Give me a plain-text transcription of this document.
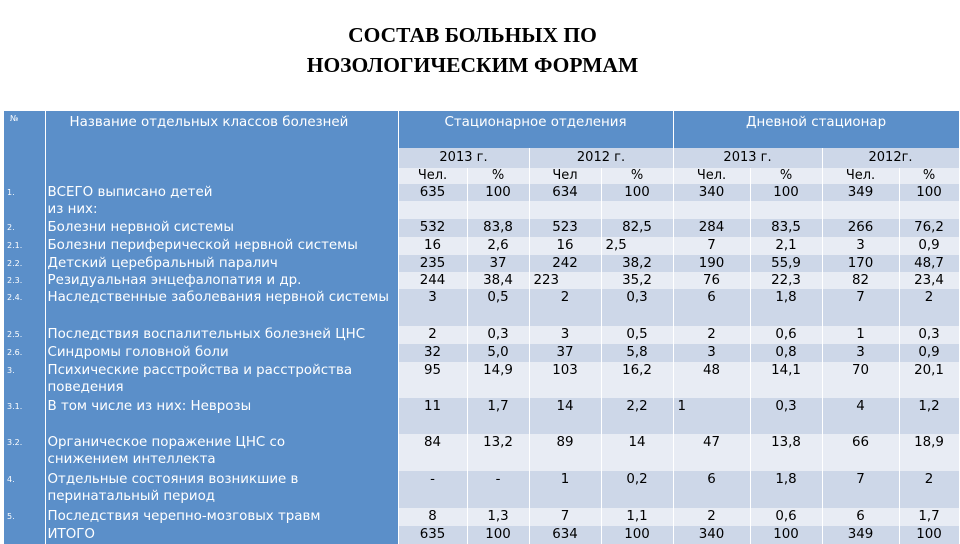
СОСТАВ БОЛЬНЫХ ПО
НОЗОЛОГИЧЕСКИМ ФОРМАМ
№	Название отдельных классов болезней	Стационарное отделения				Дневной стационар			
		2013 г.		2012 г.		2013 г.		2012г.	
		Чел.	%	Чел	%	Чел.	%	Чел.	%
1.	ВСЕГО выписано детей	635	100	634	100	340	100	349	100
	из них:								
2.	Болезни нервной системы	532	83,8	523	82,5	284	83,5	266	76,2
2.1.	Болезни периферической нервной системы	16	2,6	16	2,5	7	2,1	3	0,9
2.2.	Детский церебральный паралич	235	37	242	38,2	190	55,9	170	48,7
2.3.	Резидуальная энцефалопатия и др.	244	38,4	223	35,2	76	22,3	82	23,4
2.4.	Наследственные заболевания нервной системы	3	0,5	2	0,3	6	1,8	7	2
2.5.	Последствия воспалительных болезней ЦНС	2	0,3	3	0,5	2	0,6	1	0,3
2.6.	Синдромы головной боли	32	5,0	37	5,8	3	0,8	3	0,9
3.	Психические расстройства и расстройства поведения	95	14,9	103	16,2	48	14,1	70	20,1
3.1.	В том числе из них: Неврозы	11	1,7	14	2,2	1	0,3	4	1,2
3.2.	Органическое поражение ЦНС со снижением интеллекта	84	13,2	89	14	47	13,8	66	18,9
4.	Отдельные состояния возникшие в перинатальный период	-	-	1	0,2	6	1,8	7	2
5.	Последствия черепно-мозговых травм	8	1,3	7	1,1	2	0,6	6	1,7
	ИТОГО	635	100	634	100	340	100	349	100
